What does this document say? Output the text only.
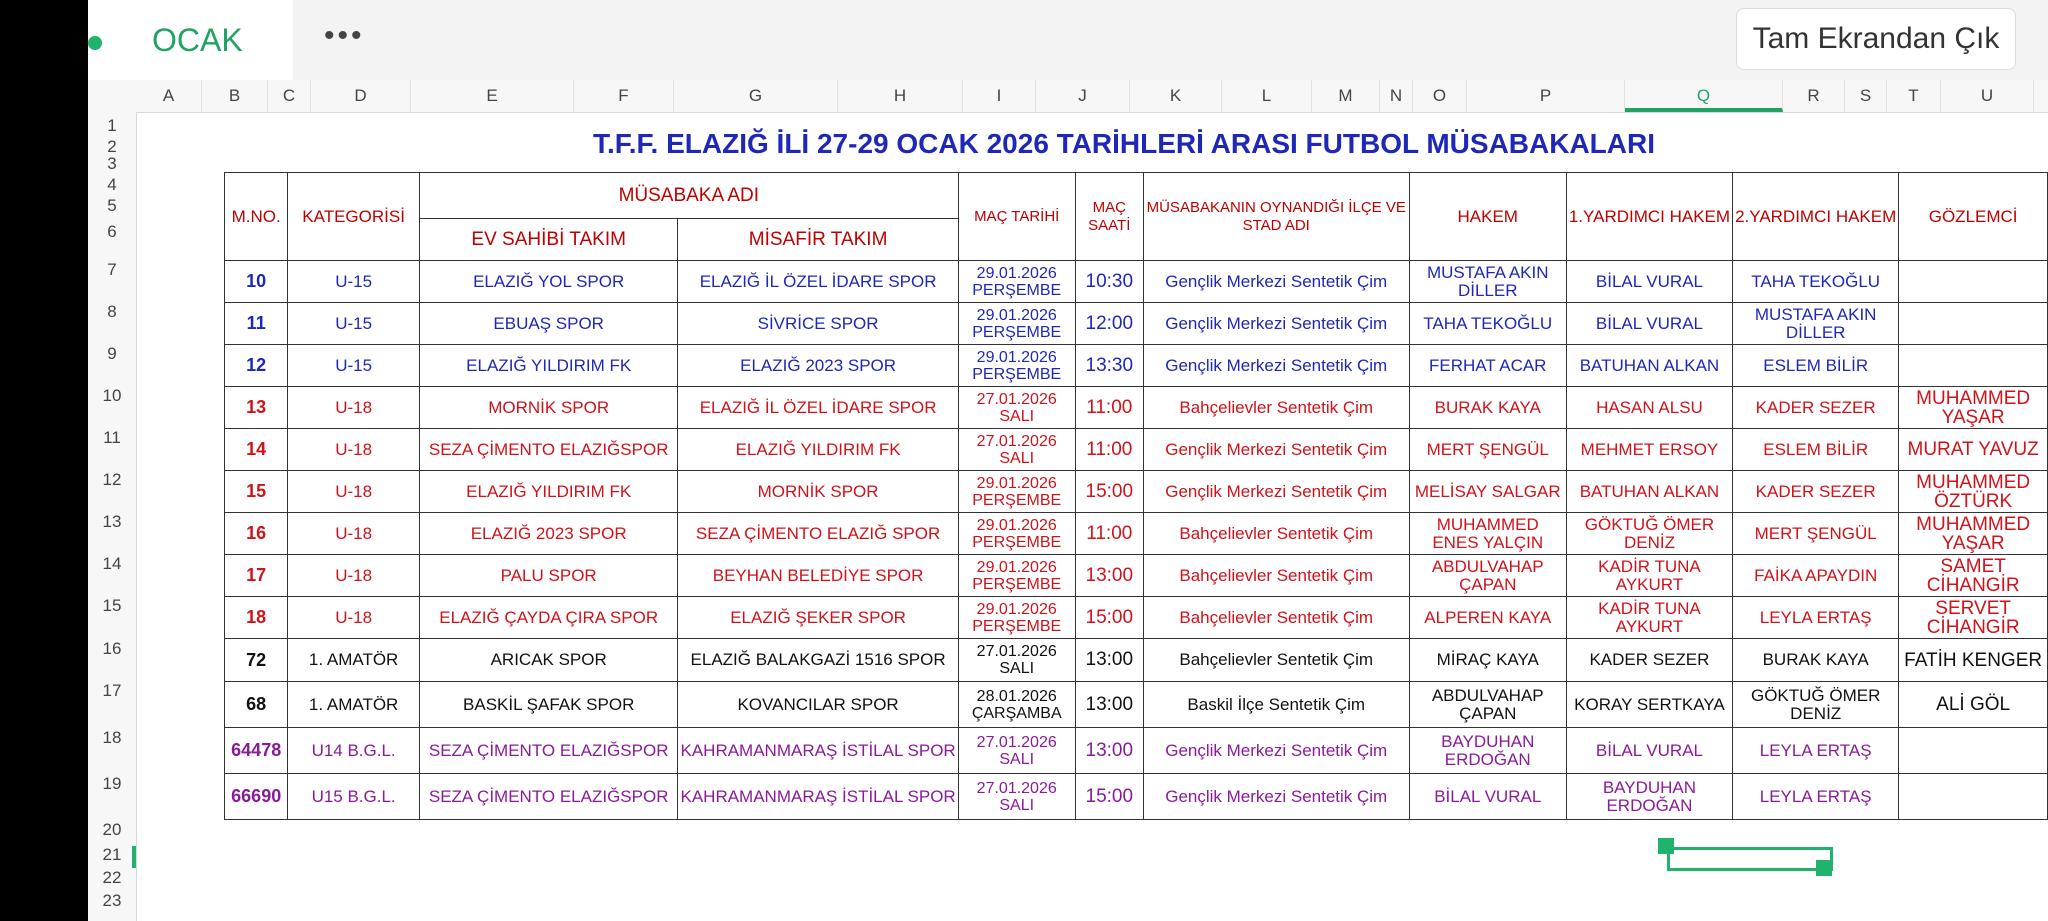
OCAK	•••	Tam Ekrandan Çık
A	B	C	D	E	F	G	H	I	J	K	L	M	N	O	P	Q	R	S	T	U
1
2
3
4
5
6
7
8
9
10
11
12
13
14
15
16
17
18
19
20
21
22
23
T.F.F. ELAZIĞ İLİ 27-29 OCAK 2026 TARİHLERİ ARASI FUTBOL MÜSABAKALARI
M.NO.	KATEGORİSİ	MÜSABAKA ADI		MAÇ TARİHİ	MAÇ SAATİ	MÜSABAKANIN OYNANDIĞI İLÇE VE STAD ADI	HAKEM	1.YARDIMCI HAKEM	2.YARDIMCI HAKEM	GÖZLEMCİ
		EV SAHİBİ TAKIM	MİSAFİR TAKIM							
10	U-15	ELAZIĞ YOL SPOR	ELAZIĞ İL ÖZEL İDARE SPOR	29.01.2026 PERŞEMBE	10:30	Gençlik Merkezi Sentetik Çim	MUSTAFA AKIN DİLLER	BİLAL VURAL	TAHA TEKOĞLU	
11	U-15	EBUAŞ SPOR	SİVRİCE SPOR	29.01.2026 PERŞEMBE	12:00	Gençlik Merkezi Sentetik Çim	TAHA TEKOĞLU	BİLAL VURAL	MUSTAFA AKIN DİLLER	
12	U-15	ELAZIĞ YILDIRIM FK	ELAZIĞ 2023 SPOR	29.01.2026 PERŞEMBE	13:30	Gençlik Merkezi Sentetik Çim	FERHAT ACAR	BATUHAN ALKAN	ESLEM BİLİR	
13	U-18	MORNİK SPOR	ELAZIĞ İL ÖZEL İDARE SPOR	27.01.2026 SALI	11:00	Bahçelievler Sentetik Çim	BURAK KAYA	HASAN ALSU	KADER SEZER	MUHAMMED YAŞAR
14	U-18	SEZA ÇİMENTO ELAZIĞSPOR	ELAZIĞ YILDIRIM FK	27.01.2026 SALI	11:00	Gençlik Merkezi Sentetik Çim	MERT ŞENGÜL	MEHMET ERSOY	ESLEM BİLİR	MURAT YAVUZ
15	U-18	ELAZIĞ YILDIRIM FK	MORNİK SPOR	29.01.2026 PERŞEMBE	15:00	Gençlik Merkezi Sentetik Çim	MELİSAY SALGAR	BATUHAN ALKAN	KADER SEZER	MUHAMMED ÖZTÜRK
16	U-18	ELAZIĞ 2023 SPOR	SEZA ÇİMENTO ELAZIĞ SPOR	29.01.2026 PERŞEMBE	11:00	Bahçelievler Sentetik Çim	MUHAMMED ENES YALÇIN	GÖKTUĞ ÖMER DENİZ	MERT ŞENGÜL	MUHAMMED YAŞAR
17	U-18	PALU SPOR	BEYHAN BELEDİYE SPOR	29.01.2026 PERŞEMBE	13:00	Bahçelievler Sentetik Çim	ABDULVAHAP ÇAPAN	KADİR TUNA AYKURT	FAİKA APAYDIN	SAMET CİHANGİR
18	U-18	ELAZIĞ ÇAYDA ÇIRA SPOR	ELAZIĞ ŞEKER SPOR	29.01.2026 PERŞEMBE	15:00	Bahçelievler Sentetik Çim	ALPEREN KAYA	KADİR TUNA AYKURT	LEYLA ERTAŞ	SERVET CİHANGİR
72	1. AMATÖR	ARICAK SPOR	ELAZIĞ BALAKGAZİ 1516 SPOR	27.01.2026 SALI	13:00	Bahçelievler Sentetik Çim	MİRAÇ KAYA	KADER SEZER	BURAK KAYA	FATİH KENGER
68	1. AMATÖR	BASKİL ŞAFAK SPOR	KOVANCILAR SPOR	28.01.2026 ÇARŞAMBA	13:00	Baskil İlçe Sentetik Çim	ABDULVAHAP ÇAPAN	KORAY SERTKAYA	GÖKTUĞ ÖMER DENİZ	ALİ GÖL
64478	U14 B.G.L.	SEZA ÇİMENTO ELAZIĞSPOR	KAHRAMANMARAŞ İSTİLAL SPOR	27.01.2026 SALI	13:00	Gençlik Merkezi Sentetik Çim	BAYDUHAN ERDOĞAN	BİLAL VURAL	LEYLA ERTAŞ	
66690	U15 B.G.L.	SEZA ÇİMENTO ELAZIĞSPOR	KAHRAMANMARAŞ İSTİLAL SPOR	27.01.2026 SALI	15:00	Gençlik Merkezi Sentetik Çim	BİLAL VURAL	BAYDUHAN ERDOĞAN	LEYLA ERTAŞ	
